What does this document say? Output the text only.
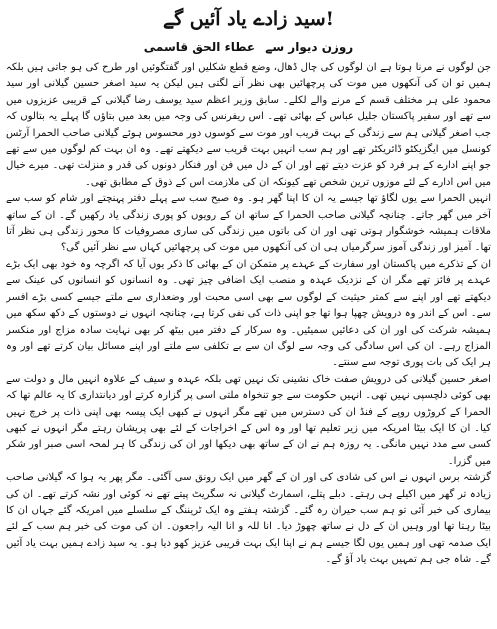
سید زادے یاد آئیں گے!
روزن دیوار سے عطاء الحق قاسمی

جن لوگوں نے مرنا ہوتا ہے ان لوگوں کی چال ڈھال، وضع قطع شکلیں اور گفتگوئیں اور طرح کی ہو جاتی ہیں بلکہ ہمیں تو ان کی آنکھوں میں موت کی پرچھائیں بھی نظر آنے لگتی ہیں لیکن یہ سید اصغر حسین گیلانی اور سید محمود علی ہر مختلف قسم کے مرنے والے لکلے۔ سابق وزیر اعظم سید یوسف رضا گیلانی کے قریبی عزیزوں میں سے تھے اور سفیر پاکستان جلیل عباس کے بھائی تھے۔ اس ریفرنس کی وجہ میں بعد میں بتاؤں گا پہلے یہ بتالوں کہ جب اصغر گیلانی ہم سے زندگی کے بہت قریب اور موت سے کوسوں دور محسوس ہوئے گیلانی صاحب الحمرا آرٹس کونسل میں ایگزیکٹو ڈائریکٹر تھے اور ہم سب انہیں بہت قریب سے دیکھتے تھے۔ وہ ان بہت کم لوگوں میں سے تھے جو اپنے ادارے کے ہر فرد کو عزت دیتے تھے اور ان کے دل میں فن اور فنکار دونوں کی قدر و منزلت تھی۔ میرے خیال میں اس ادارے کے لئے موزوں ترین شخص تھے کیونکہ ان کی ملازمت اس کے ذوق کے مطابق تھی۔

انہیں الحمرا سے یوں لگاؤ تھا جیسے یہ ان کا اپنا گھر ہو۔ وہ صبح سب سے پہلے دفتر پہنچتے اور شام کو سب سے آخر میں گھر جاتے۔ چنانچہ گیلانی صاحب الحمرا کے ساتھ ان کے رویوں کو پوری زندگی یاد رکھیں گے۔ ان کے ساتھ ملاقات ہمیشہ خوشگوار ہوتی تھی اور ان کی باتوں میں زندگی کی ساری مصروفیات کا محور زندگی ہی نظر آتا تھا۔ آمیز اور زندگی آموز سرگرمیاں ہی ان کی آنکھوں میں موت کی پرچھائیں کہاں سے نظر آئیں گی؟

ان کے تذکرے میں پاکستان اور سفارت کے عہدے پر متمکن ان کے بھائی کا ذکر یوں آیا کہ اگرچہ وہ خود بھی ایک بڑے عہدے پر فائز تھے مگر ان کے نزدیک عہدہ و منصب ایک اضافی چیز تھی۔ وہ انسانوں کو انسانوں کی عینک سے دیکھتے تھے اور اپنے سے کمتر حیثیت کے لوگوں سے بھی اسی محبت اور وضعداری سے ملتے جیسے کسی بڑے افسر سے۔ اس کے اندر وہ درویش چھپا ہوا تھا جو اپنی ذات کی نفی کرتا ہے، چنانچہ انہوں نے دوستوں کے دکھ سکھ میں ہمیشہ شرکت کی اور ان کی دعائیں سمیٹیں۔ وہ سرکار کے دفتر میں بیٹھ کر بھی نہایت سادہ مزاج اور منکسر المزاج رہے۔ ان کی اس سادگی کی وجہ سے لوگ ان سے بے تکلفی سے ملتے اور اپنے مسائل بیان کرتے تھے اور وہ ہر ایک کی بات پوری توجہ سے سنتے۔

اصغر حسین گیلانی کی درویش صفت خاک نشینی تک نہیں تھی بلکہ عہدہ و سیف کے علاوہ انہیں مال و دولت سے بھی کوئی دلچسپی نہیں تھی۔ انہیں حکومت سے جو تنخواہ ملتی اسی پر گزارہ کرتے اور دیانتداری کا یہ عالم تھا کہ الحمرا کے کروڑوں روپے کے فنڈ ان کی دسترس میں تھے مگر انہوں نے کبھی ایک پیسہ بھی اپنی ذات پر خرچ نہیں کیا۔ ان کا ایک بیٹا امریکہ میں زیر تعلیم تھا اور وہ اس کے اخراجات کے لئے بھی پریشان رہتے مگر انہوں نے کبھی کسی سے مدد نہیں مانگی۔ یہ روزہ ہم نے ان کے ساتھ بھی دیکھا اور ان کی زندگی کا ہر لمحہ اسی صبر اور شکر میں گزرا۔

گزشتہ برس انہوں نے اس کی شادی کی اور ان کے گھر میں ایک رونق سی آگئی۔ مگر پھر یہ ہوا کہ گیلانی صاحب زیادہ تر گھر میں اکیلے ہی رہتے۔ دبلے پتلے، اسمارٹ گیلانی نہ سگریٹ پیتے تھے نہ کوئی اور نشہ کرتے تھے۔ ان کی بیماری کی خبر آئی تو ہم سب حیران رہ گئے۔ گزشتہ ہفتے وہ ایک ٹریننگ کے سلسلے میں امریکہ گئے جہاں ان کا بیٹا رہتا تھا اور وہیں ان کے دل نے ساتھ چھوڑ دیا۔ انا للہ و انا الیہ راجعون۔ ان کی موت کی خبر ہم سب کے لئے ایک صدمہ تھی اور ہمیں یوں لگا جیسے ہم نے اپنا ایک بہت قریبی عزیز کھو دیا ہو۔ یہ سید زادے ہمیں بہت یاد آئیں گے۔ شاہ جی ہم تمہیں بہت یاد آؤ گے۔
